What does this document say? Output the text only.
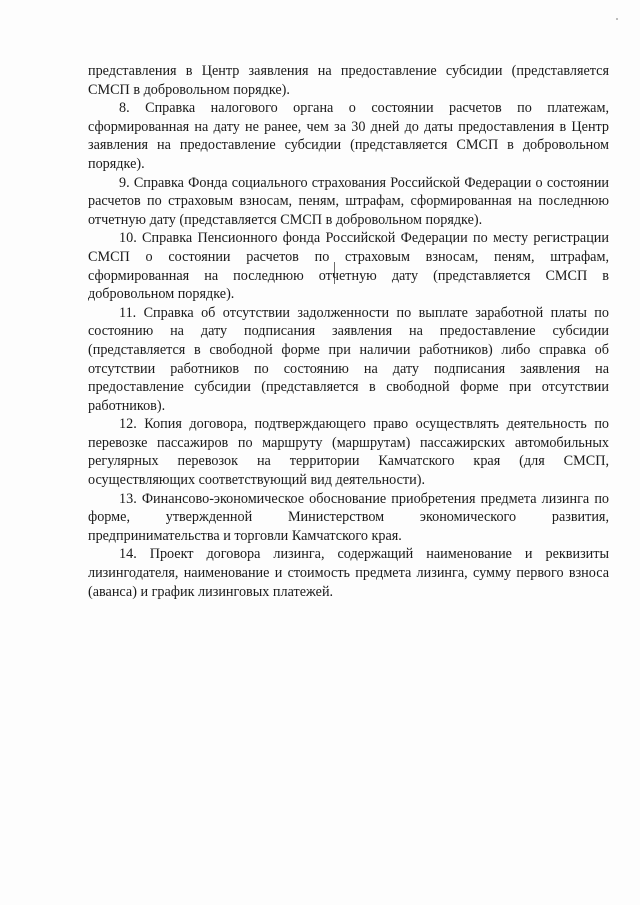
представления в Центр заявления на предоставление субсидии (представляется СМСП в добровольном порядке).

8. Справка налогового органа о состоянии расчетов по платежам, сформированная на дату не ранее, чем за 30 дней до даты предоставления в Центр заявления на предоставление субсидии (представляется СМСП в добровольном порядке).

9. Справка Фонда социального страхования Российской Федерации о состоянии расчетов по страховым взносам, пеням, штрафам, сформированная на последнюю отчетную дату (представляется СМСП в добровольном порядке).

10. Справка Пенсионного фонда Российской Федерации по месту регистрации СМСП о состоянии расчетов по страховым взносам, пеням, штрафам, сформированная на последнюю отчетную дату (представляется СМСП в добровольном порядке).

11. Справка об отсутствии задолженности по выплате заработной платы по состоянию на дату подписания заявления на предоставление субсидии (представляется в свободной форме при наличии работников) либо справка об отсутствии работников по состоянию на дату подписания заявления на предоставление субсидии (представляется в свободной форме при отсутствии работников).

12. Копия договора, подтверждающего право осуществлять деятельность по перевозке пассажиров по маршруту (маршрутам) пассажирских автомобильных регулярных перевозок на территории Камчатского края (для СМСП, осуществляющих соответствующий вид деятельности).

13. Финансово-экономическое обоснование приобретения предмета лизинга по форме, утвержденной Министерством экономического развития, предпринимательства и торговли Камчатского края.

14. Проект договора лизинга, содержащий наименование и реквизиты лизингодателя, наименование и стоимость предмета лизинга, сумму первого взноса (аванса) и график лизинговых платежей.
